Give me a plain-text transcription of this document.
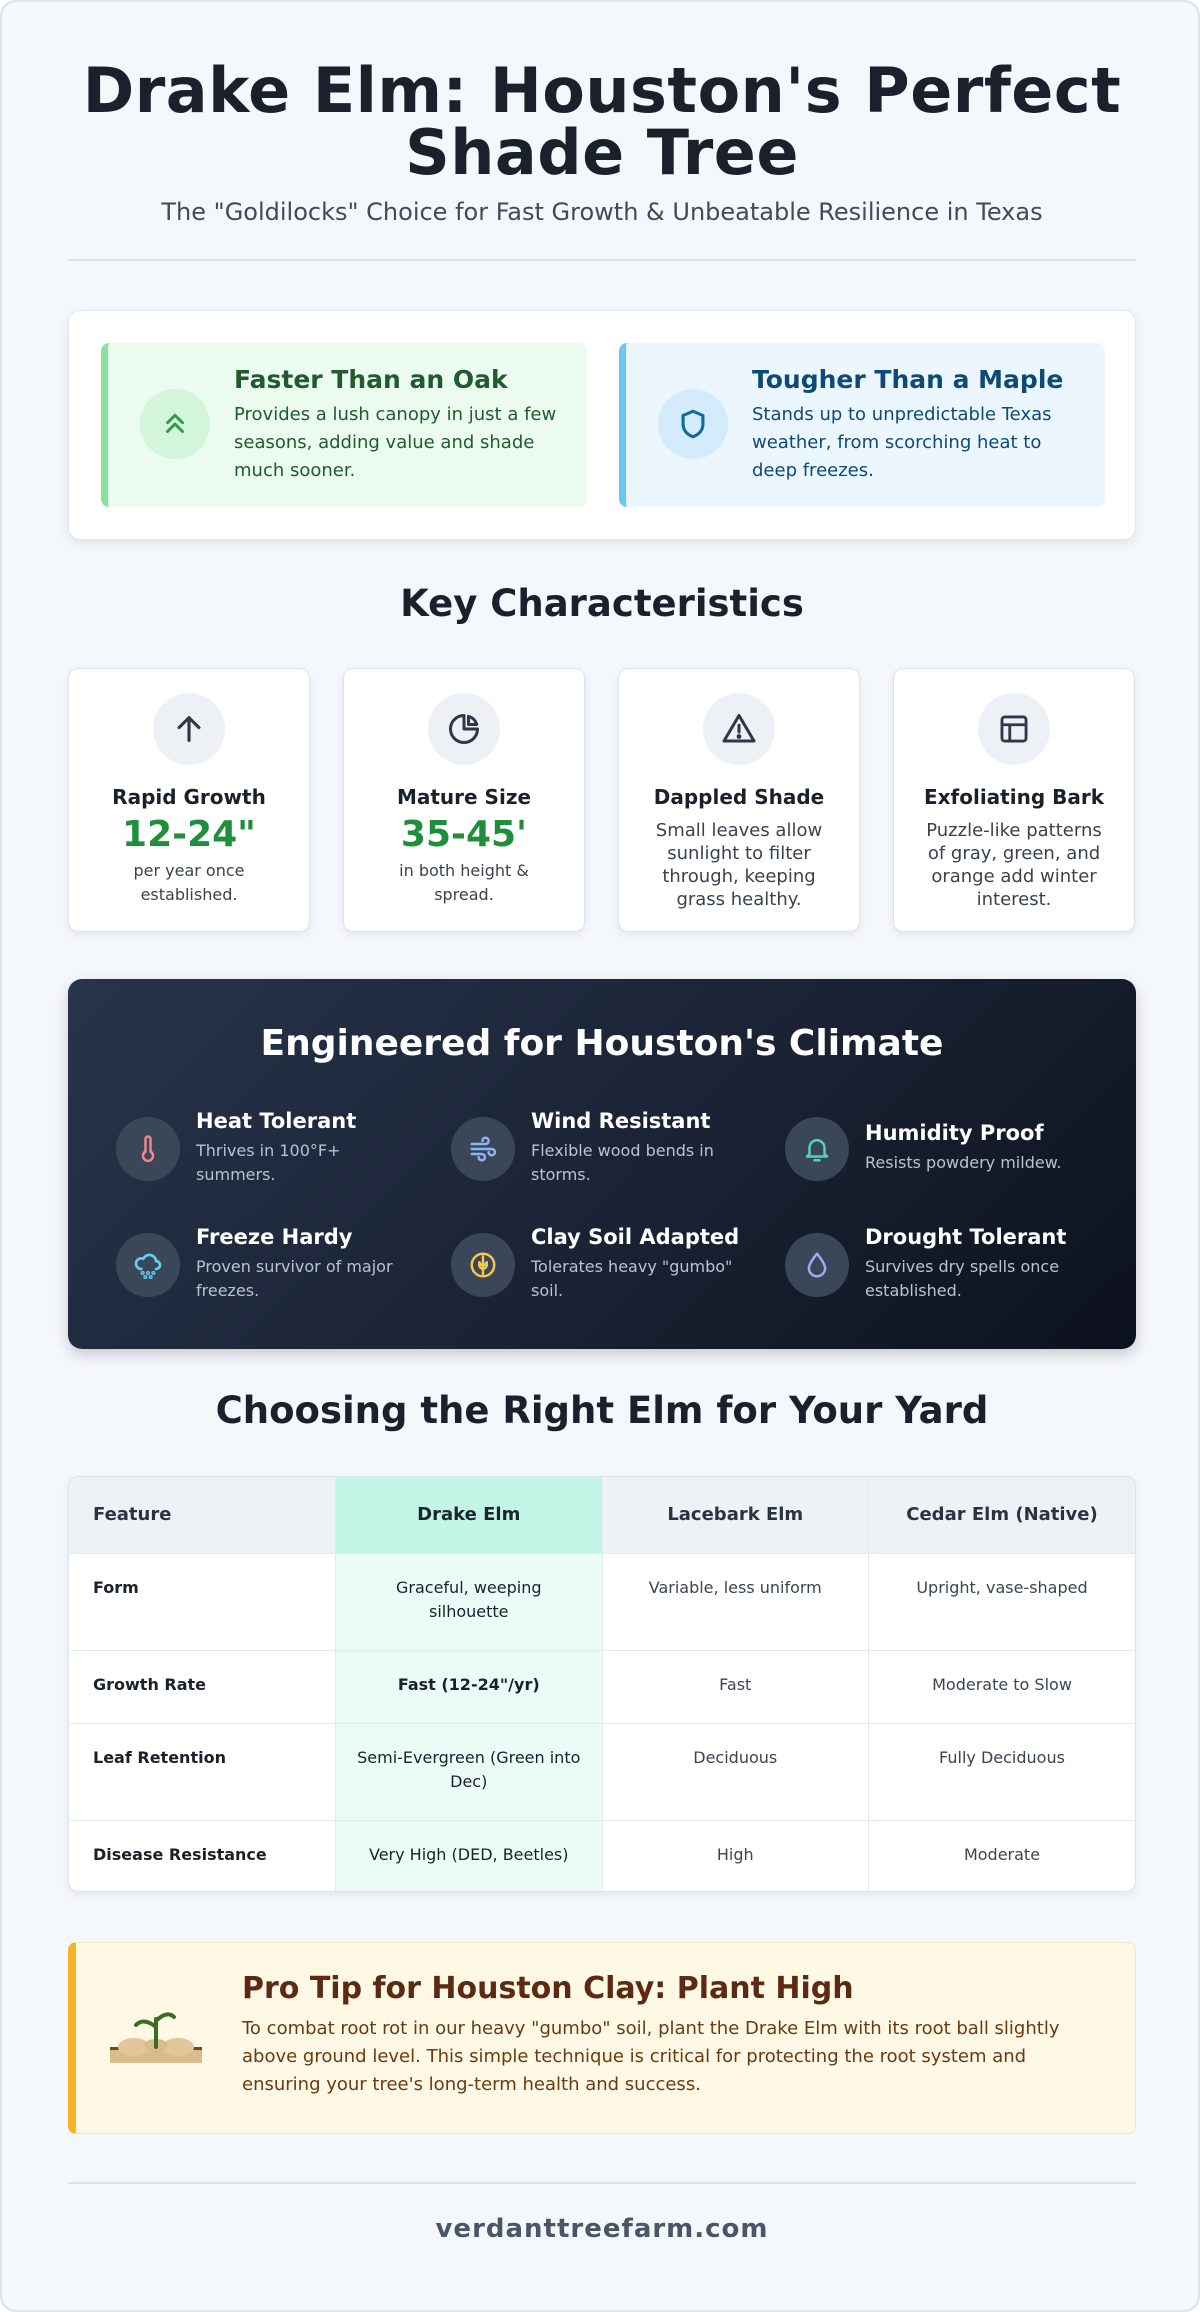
Drake Elm: Houston's Perfect
Shade Tree

The "Goldilocks" Choice for Fast Growth & Unbeatable Resilience in Texas

Faster Than an Oak

Provides a lush canopy in just a few seasons, adding value and shade much sooner.

Tougher Than a Maple

Stands up to unpredictable Texas weather, from scorching heat to deep freezes.

Key Characteristics
Rapid Growth
12-24"
per year once established.
Mature Size
35-45'
in both height & spread.
Dappled Shade
Small leaves allow sunlight to filter through, keeping grass healthy.
Exfoliating Bark
Puzzle-like patterns of gray, green, and orange add winter interest.
Engineered for Houston's Climate
Heat Tolerant

Thrives in 100°F+ summers.

Wind Resistant

Flexible wood bends in storms.

Humidity Proof

Resists powdery mildew.

Freeze Hardy

Proven survivor of major freezes.

Clay Soil Adapted

Tolerates heavy "gumbo" soil.

Drought Tolerant

Survives dry spells once established.

Choosing the Right Elm for Your Yard
Feature	Drake Elm	Lacebark Elm	Cedar Elm (Native)
Form	Graceful, weeping silhouette	Variable, less uniform	Upright, vase-shaped
Growth Rate	Fast (12-24"/yr)	Fast	Moderate to Slow
Leaf Retention	Semi-Evergreen (Green into Dec)	Deciduous	Fully Deciduous
Disease Resistance	Very High (DED, Beetles)	High	Moderate
Pro Tip for Houston Clay: Plant High

To combat root rot in our heavy "gumbo" soil, plant the Drake Elm with its root ball slightly above ground level. This simple technique is critical for protecting the root system and ensuring your tree's long-term health and success.

verdanttreefarm.com
